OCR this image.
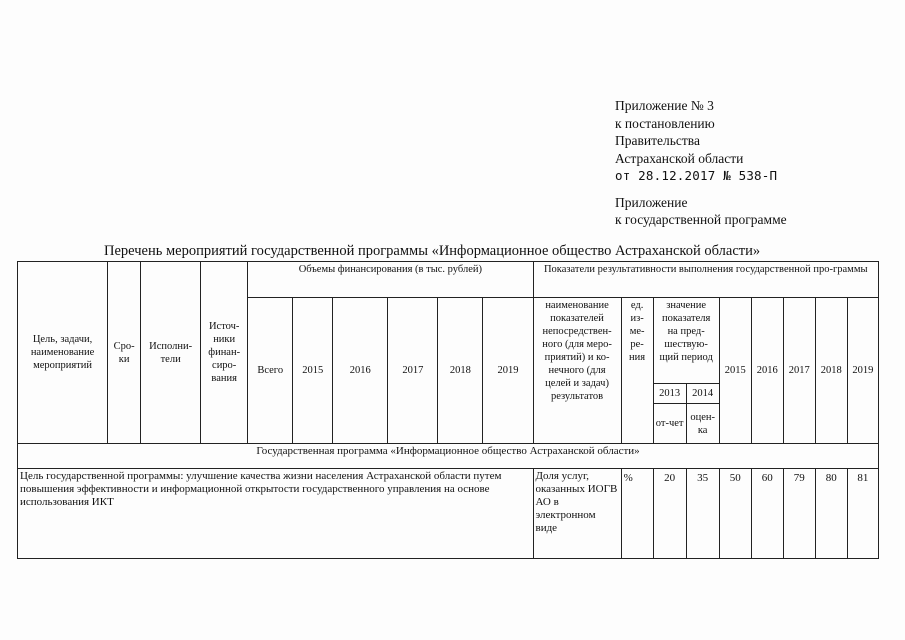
Приложение № 3
к постановлению
Правительства
Астраханской области
от 28.12.2017 № 538-П
Приложение
к государственной программе
Перечень мероприятий государственной программы «Информационное общество Астраханской области»
Цель, задачи, наименование мероприятий	Сро-ки	Исполни-тели	Источ-ники финан-сиро-вания	Объемы финансирования (в тыс. рублей)						Показатели результативности выполнения государственной про-граммы								
				Всего	2015	2016	2017	2018	2019	наименование показателей непосредствен-ного (для меро-приятий) и ко-нечного (для целей и задач) результатов	ед. из-ме-ре-ния	значение показателя на пред-шествую-щий период		2015	2016	2017	2018	2019
												2013	2014					
												от-чет	оцен-ка					
Государственная программа «Информационное общество Астраханской области»																		
Цель государственной программы: улучшение качества жизни населения Астраханской области путем повышения эффективности и информационной открытости государственного управления на основе использования ИКТ										Доля услуг, оказанных ИОГВ АО в электронном виде	%	20	35	50	60	79	80	81
